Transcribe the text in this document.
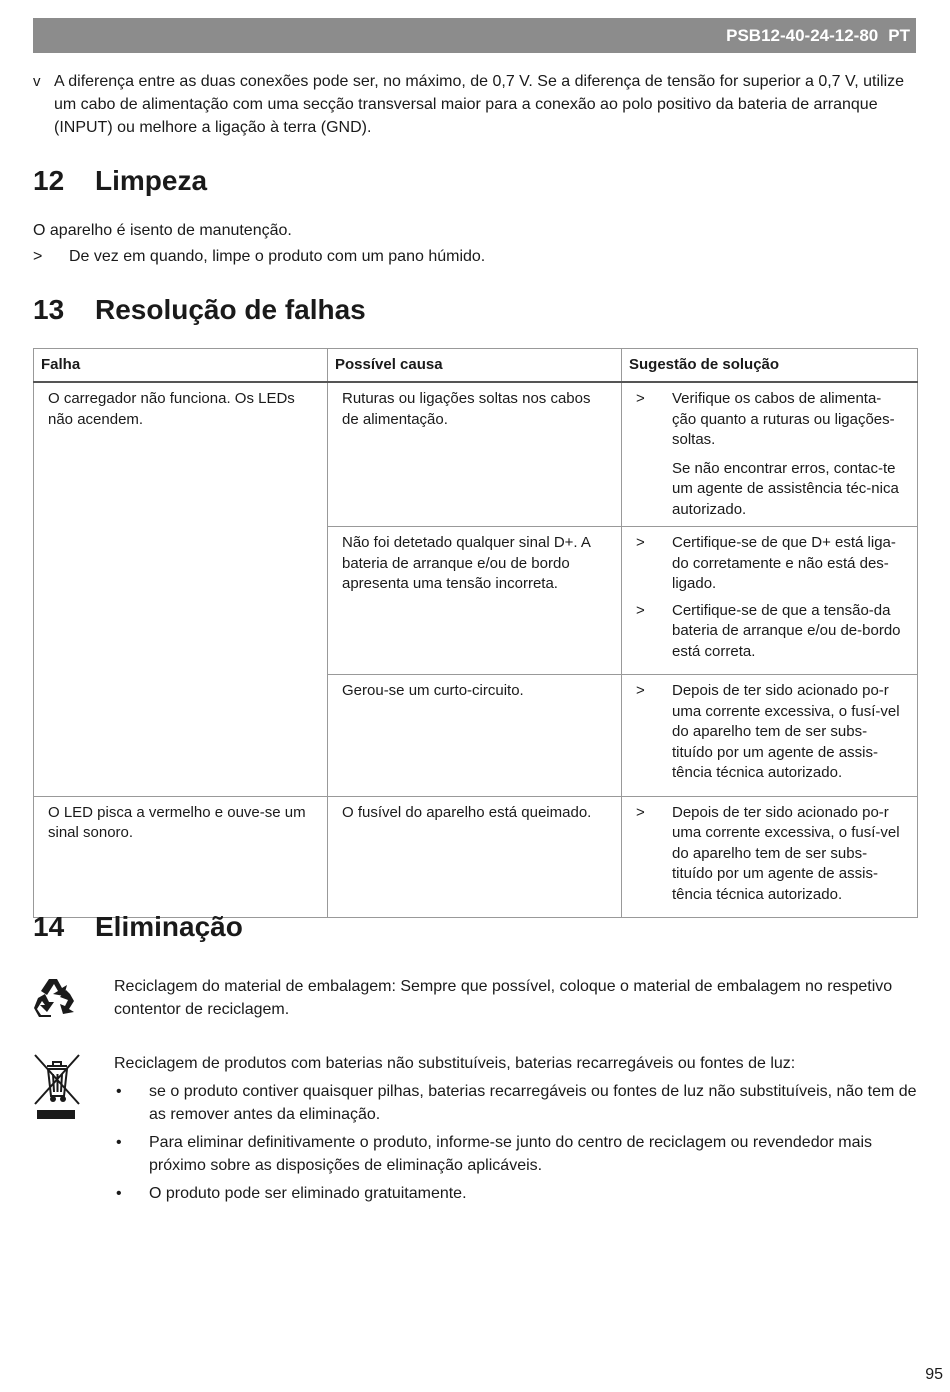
PSB12-40-24-12-80 PT
v A diferença entre as duas conexões pode ser, no máximo, de 0,7 V. Se a diferença de tensão for superior a 0,7 V, utilize um cabo de alimentação com uma secção transversal maior para a conexão ao polo positivo da bateria de arranque (INPUT) ou melhore a ligação à terra (GND).
12 Limpeza
O aparelho é isento de manutenção.
> De vez em quando, limpe o produto com um pano húmido.
13 Resolução de falhas
Falha	Possível causa	Sugestão de solução
O carregador não funciona. Os LEDs não acendem.	Ruturas ou ligações soltas nos cabos de alimentação.	> Verifique os cabos de alimenta-ção quanto a ruturas ou ligações-soltas.
Se não encontrar erros, contac-te um agente de assistência téc-nica autorizado.

	Não foi detetado qualquer sinal D+. A bateria de arranque e/ou de bordo apresenta uma tensão incorreta.	> Certifique-se de que D+ está liga-do corretamente e não está des-ligado.
> Certifique-se de que a tensão-da bateria de arranque e/ou de-bordo está correta.

	Gerou-se um curto-circuito.	> Depois de ter sido acionado po-r uma corrente excessiva, o fusí-vel do aparelho tem de ser subs-tituído por um agente de assis-tência técnica autorizado.

O LED pisca a vermelho e ouve-se um sinal sonoro.	O fusível do aparelho está queimado.	> Depois de ter sido acionado po-r uma corrente excessiva, o fusí-vel do aparelho tem de ser subs-tituído por um agente de assis-tência técnica autorizado.
14 Eliminação
Reciclagem do material de embalagem: Sempre que possível, coloque o material de embalagem no respetivo contentor de reciclagem.
Reciclagem de produtos com baterias não substituíveis, baterias recarregáveis ou fontes de luz:
• se o produto contiver quaisquer pilhas, baterias recarregáveis ou fontes de luz não substituíveis, não tem de as remover antes da eliminação.
• Para eliminar definitivamente o produto, informe-se junto do centro de reciclagem ou revendedor mais próximo sobre as disposições de eliminação aplicáveis.
• O produto pode ser eliminado gratuitamente.
95
